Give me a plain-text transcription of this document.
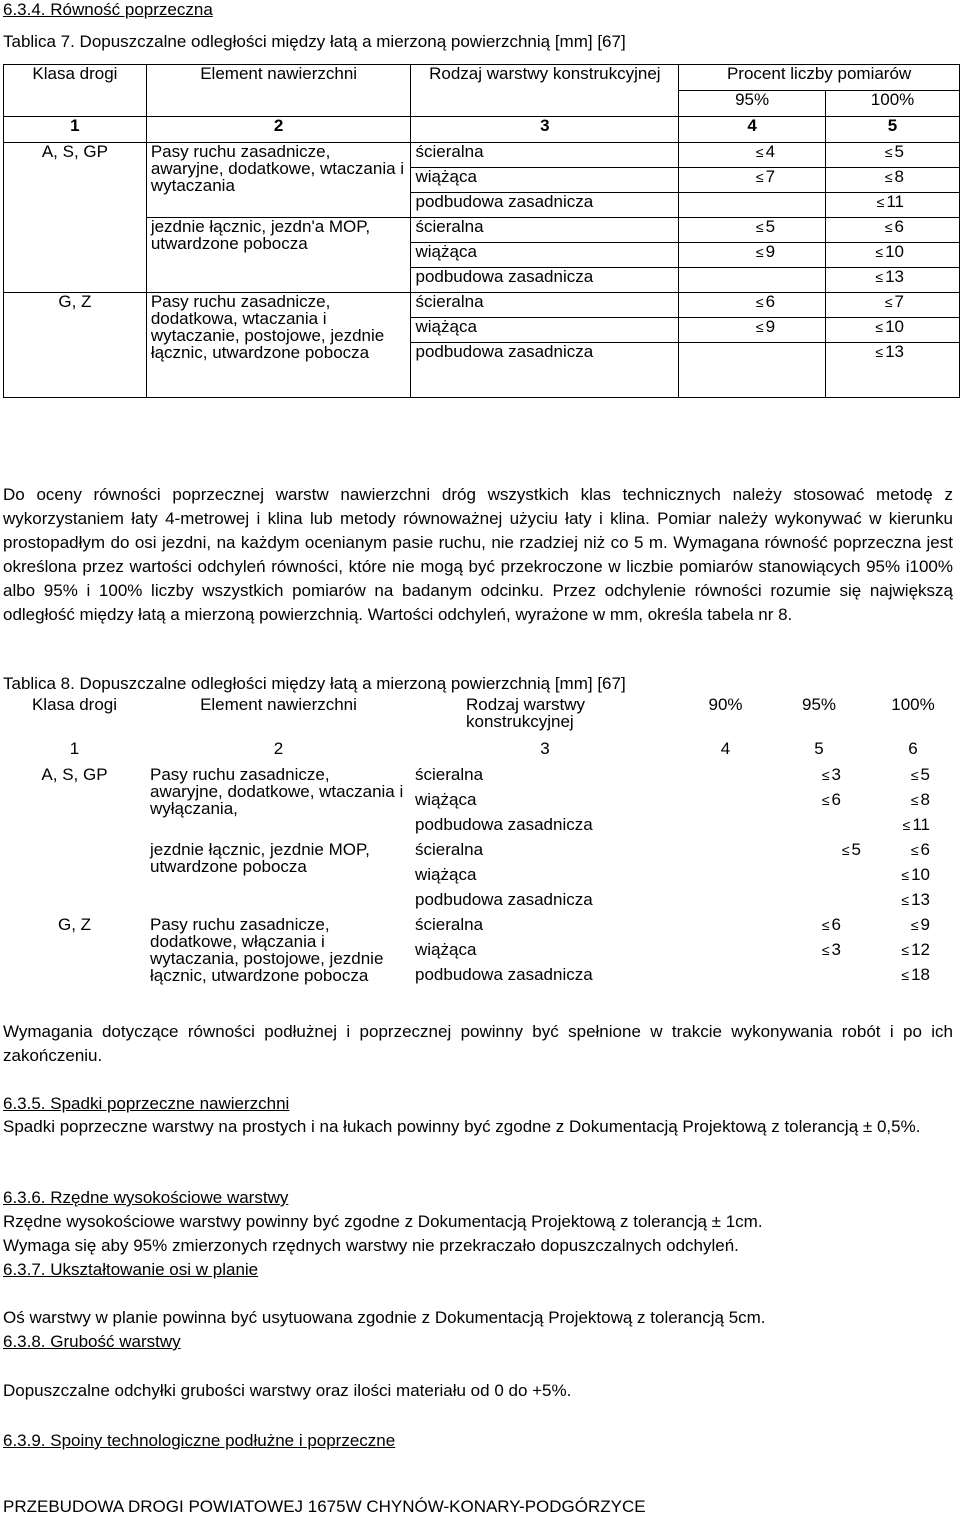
6.3.4. Równość poprzeczna
Tablica 7. Dopuszczalne odległości między łatą a mierzoną powierzchnią [mm] [67]
Klasa drogi	Element nawierzchni	Rodzaj warstwy konstrukcyjnej	Procent liczby pomiarów	
			95%	100%
1	2	3	4	5
A, S, GP	Pasy ruchu zasadnicze, awaryjne, dodatkowe, wtaczania i wytaczania	ścieralna	≤ 4	≤ 5
		wiążąca	≤ 7	≤ 8
		podbudowa zasadnicza		≤ 11
	jezdnie łącznic, jezdn'a MOP, utwardzone pobocza	ścieralna	≤ 5	≤ 6
		wiążąca	≤ 9	≤ 10
		podbudowa zasadnicza		≤ 13
G, Z	Pasy ruchu zasadnicze, dodatkowa, wtaczania i wytaczanie, postojowe, jezdnie łącznic, utwardzone pobocza	ścieralna	≤ 6	≤ 7
		wiążąca	≤ 9	≤ 10
		podbudowa zasadnicza		≤ 13
Do oceny równości poprzecznej warstw nawierzchni dróg wszystkich klas technicznych należy stosować metodę z wykorzystaniem łaty 4-metrowej i klina lub metody równoważnej użyciu łaty i klina. Pomiar należy wykonywać w kierunku prostopadłym do osi jezdni, na każdym ocenianym pasie ruchu, nie rzadziej niż co 5 m. Wymagana równość poprzeczna jest określona przez wartości odchyleń równości, które nie mogą być przekroczone w liczbie pomiarów stanowiących 95% i100% albo 95% i 100% liczby wszystkich pomiarów na badanym odcinku. Przez odchylenie równości rozumie się największą odległość między łatą a mierzoną powierzchnią. Wartości odchyleń, wyrażone w mm, określa tabela nr 8.
Tablica 8. Dopuszczalne odległości między łatą a mierzoną powierzchnią [mm] [67]
Klasa drogi	Element nawierzchni	Rodzaj warstwy konstrukcyjnej	90%	95%	100%
1	2	3	4	5	6
A, S, GP	Pasy ruchu zasadnicze, awaryjne, dodatkowe, wtaczania i wyłączania,	ścieralna		≤ 3	≤ 5
		wiążąca		≤ 6	≤ 8
		podbudowa zasadnicza			≤ 11
	jezdnie łącznic, jezdnie MOP, utwardzone pobocza	ścieralna		≤ 5	≤ 6
		wiążąca			≤ 10
		podbudowa zasadnicza			≤ 13
G, Z	Pasy ruchu zasadnicze, dodatkowe, włączania i wytaczania, postojowe, jezdnie łącznic, utwardzone pobocza	ścieralna		≤ 6	≤ 9
		wiążąca		≤ 3	≤ 12
		podbudowa zasadnicza			≤ 18
Wymagania dotyczące równości podłużnej i poprzecznej powinny być spełnione w trakcie wykonywania robót i po ich zakończeniu.
6.3.5. Spadki poprzeczne nawierzchni
Spadki poprzeczne warstwy na prostych i na łukach powinny być zgodne z Dokumentacją Projektową z tolerancją ± 0,5%.
6.3.6. Rzędne wysokościowe warstwy
Rzędne wysokościowe warstwy powinny być zgodne z Dokumentacją Projektową z tolerancją ± 1cm.
Wymaga się aby 95% zmierzonych rzędnych warstwy nie przekraczało dopuszczalnych odchyleń.
6.3.7. Ukształtowanie osi w planie
Oś warstwy w planie powinna być usytuowana zgodnie z Dokumentacją Projektową z tolerancją 5cm.
6.3.8. Grubość warstwy
Dopuszczalne odchyłki grubości warstwy oraz ilości materiału od 0 do +5%.
6.3.9. Spoiny technologiczne podłużne i poprzeczne
PRZEBUDOWA DROGI POWIATOWEJ 1675W CHYNÓW-KONARY-PODGÓRZYCE
